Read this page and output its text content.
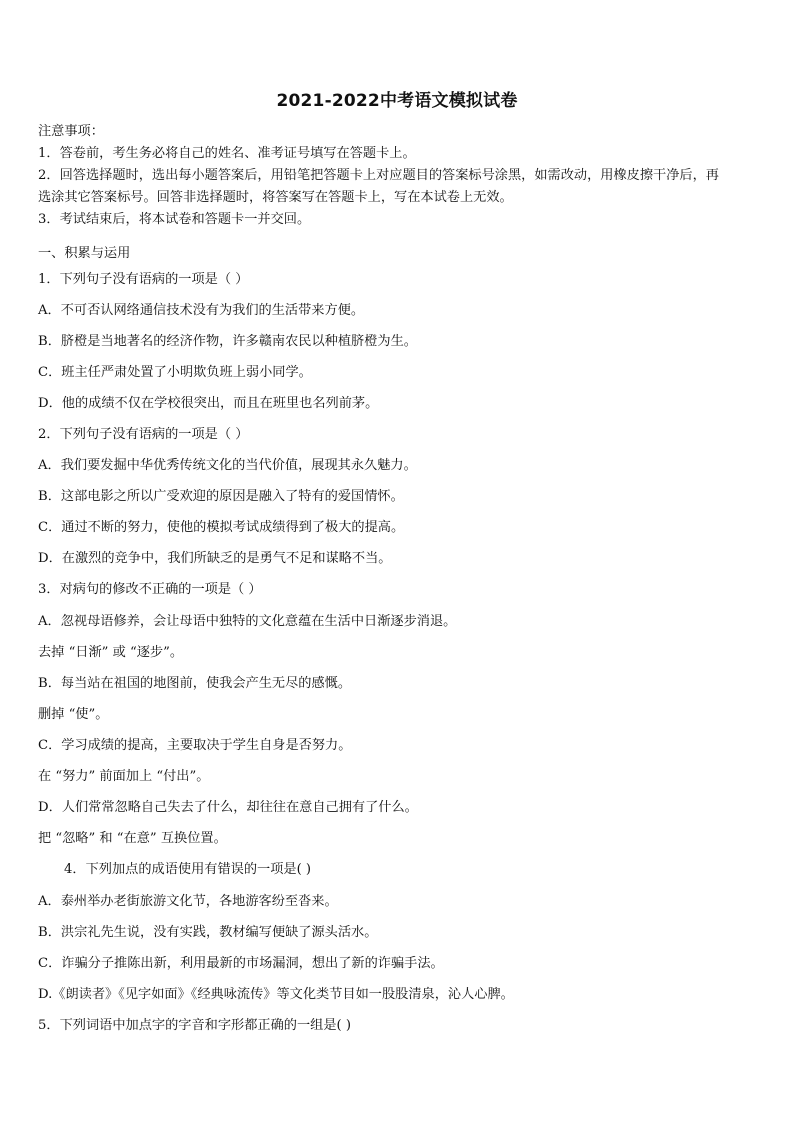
2021-2022中考语文模拟试卷
注意事项：
1．答卷前，考生务必将自己的姓名、准考证号填写在答题卡上。
2．回答选择题时，选出每小题答案后，用铅笔把答题卡上对应题目的答案标号涂黑，如需改动，用橡皮擦干净后，再
选涂其它答案标号。回答非选择题时，将答案写在答题卡上，写在本试卷上无效。
3．考试结束后，将本试卷和答题卡一并交回。
一、积累与运用
1．下列句子没有语病的一项是（ ）
A．不可否认网络通信技术没有为我们的生活带来方便。
B．脐橙是当地著名的经济作物，许多赣南农民以种植脐橙为生。
C．班主任严肃处置了小明欺负班上弱小同学。
D．他的成绩不仅在学校很突出，而且在班里也名列前茅。
2．下列句子没有语病的一项是（ ）
A．我们要发掘中华优秀传统文化的当代价值，展现其永久魅力。
B．这部电影之所以广受欢迎的原因是融入了特有的爱国情怀。
C．通过不断的努力，使他的模拟考试成绩得到了极大的提高。
D．在激烈的竞争中，我们所缺乏的是勇气不足和谋略不当。
3．对病句的修改不正确的一项是（ ）
A．忽视母语修养，会让母语中独特的文化意蕴在生活中日渐逐步消退。
去掉 “日渐” 或 “逐步”。
B．每当站在祖国的地图前，使我会产生无尽的感慨。
删掉 “使”。
C．学习成绩的提高，主要取决于学生自身是否努力。
在 “努力” 前面加上 “付出”。
D．人们常常忽略自己失去了什么，却往往在意自己拥有了什么。
把 “忽略” 和 “在意” 互换位置。
4．下列加点的成语使用有错误的一项是( )
A．泰州举办老街旅游文化节，各地游客纷至沓来。
B．洪宗礼先生说，没有实践，教材编写便缺了源头活水。
C．诈骗分子推陈出新，利用最新的市场漏洞，想出了新的诈骗手法。
D.《朗读者》《见字如面》《经典咏流传》等文化类节目如一股股清泉，沁人心脾。
5．下列词语中加点字的字音和字形都正确的一组是( )
